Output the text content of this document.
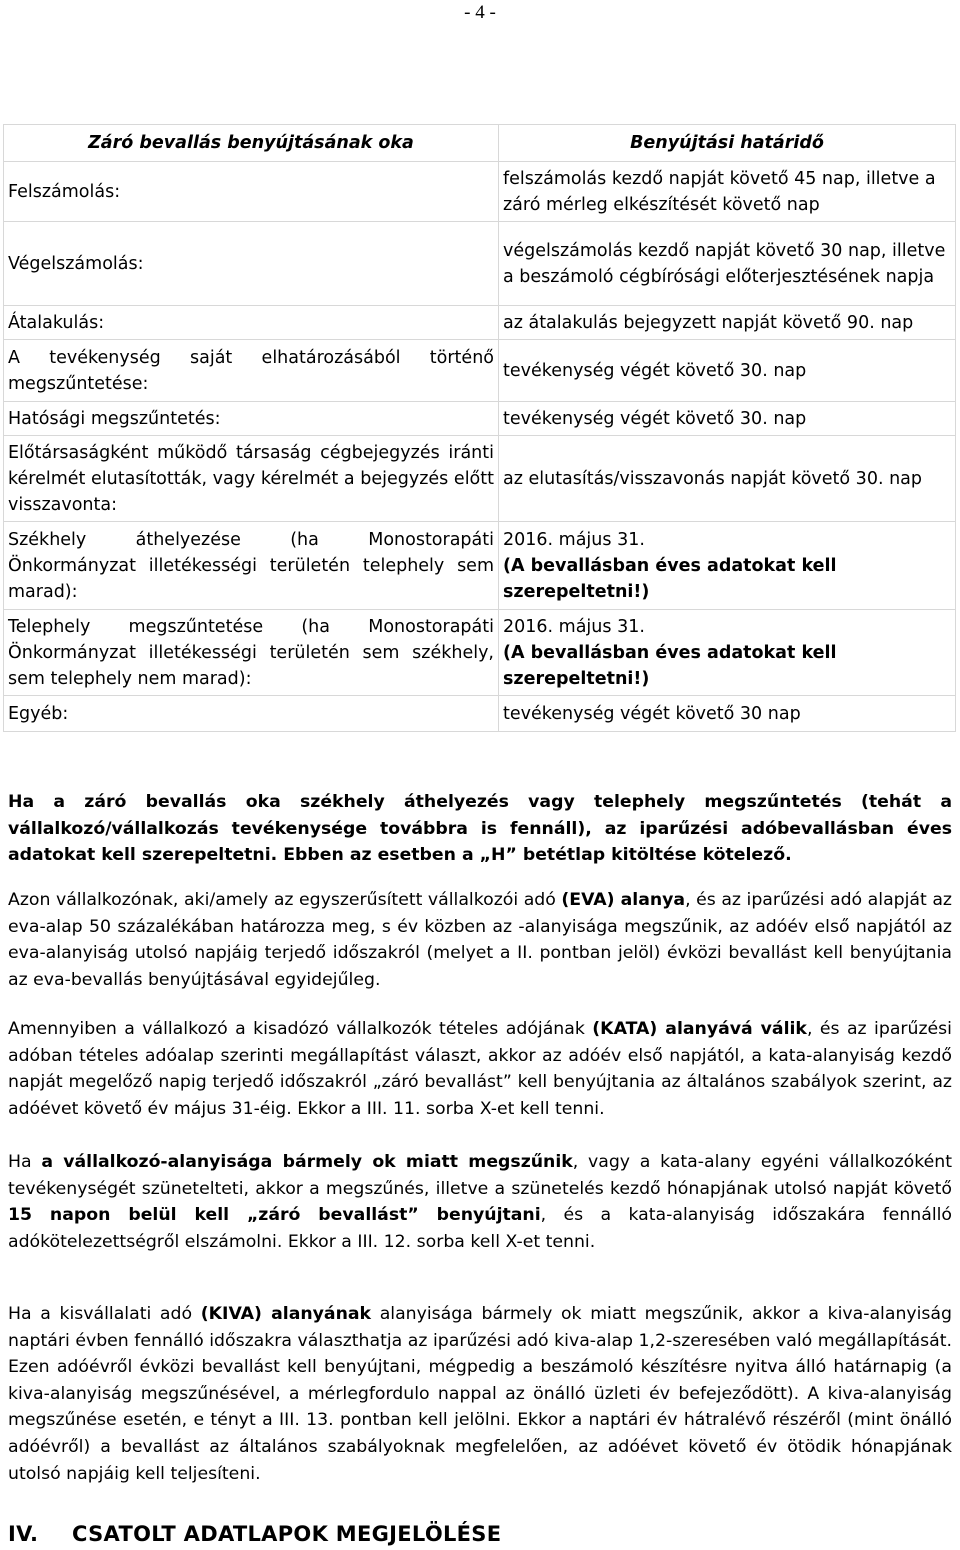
- 4 -
Záró bevallás benyújtásának oka	Benyújtási határidő
Felszámolás:	felszámolás kezdő napját követő 45 nap, illetve a záró mérleg elkészítését követő nap
Végelszámolás:	végelszámolás kezdő napját követő 30 nap, illetve a beszámoló cégbírósági előterjesztésének napja
Átalakulás:	az átalakulás bejegyzett napját követő 90. nap
A tevékenység saját elhatározásából történő megszűntetése:	tevékenység végét követő 30. nap
Hatósági megszűntetés:	tevékenység végét követő 30. nap
Előtársaságként működő társaság cégbejegyzés iránti kérelmét elutasították, vagy kérelmét a bejegyzés előtt visszavonta:	az elutasítás/visszavonás napját követő 30. nap
Székhely áthelyezése (ha Monostorapáti Önkormányzat illetékességi területén telephely sem marad):	2016. május 31.
(A bevallásban éves adatokat kell szerepeltetni!)

Telephely megszűntetése (ha Monostorapáti Önkormányzat illetékességi területén sem székhely, sem telephely nem marad):	2016. május 31.
(A bevallásban éves adatokat kell szerepeltetni!)

Egyéb:	tevékenység végét követő 30 nap

Ha a záró bevallás oka székhely áthelyezés vagy telephely megszűntetés (tehát a vállalkozó/vállalkozás tevékenysége továbbra is fennáll), az iparűzési adóbevallásban éves adatokat kell szerepeltetni. Ebben az esetben a „H” betétlap kitöltése kötelező.

Azon vállalkozónak, aki/amely az egyszerűsített vállalkozói adó (EVA) alanya, és az iparűzési adó alapját az eva-alap 50 százalékában határozza meg, s év közben az -alanyisága megszűnik, az adóév első napjától az eva-alanyiság utolsó napjáig terjedő időszakról (melyet a II. pontban jelöl) évközi bevallást kell benyújtania az eva-bevallás benyújtásával egyidejűleg.

Amennyiben a vállalkozó a kisadózó vállalkozók tételes adójának (KATA) alanyává válik, és az iparűzési adóban tételes adóalap szerinti megállapítást választ, akkor az adóév első napjától, a kata-alanyiság kezdő napját megelőző napig terjedő időszakról „záró bevallást” kell benyújtania az általános szabályok szerint, az adóévet követő év május 31-éig. Ekkor a III. 11. sorba X-et kell tenni.

Ha a vállalkozó-alanyisága bármely ok miatt megszűnik, vagy a kata-alany egyéni vállalkozóként tevékenységét szünetelteti, akkor a megszűnés, illetve a szünetelés kezdő hónapjának utolsó napját követő 15 napon belül kell „záró bevallást” benyújtani, és a kata-alanyiság időszakára fennálló adókötelezettségről elszámolni. Ekkor a III. 12. sorba kell X-et tenni.

Ha a kisvállalati adó (KIVA) alanyának alanyisága bármely ok miatt megszűnik, akkor a kiva-alanyiság naptári évben fennálló időszakra választhatja az iparűzési adó kiva-alap 1,2-szeresében való megállapítását. Ezen adóévről évközi bevallást kell benyújtani, mégpedig a beszámoló készítésre nyitva álló határnapig (a kiva-alanyiság megszűnésével, a mérlegfordulo nappal az önálló üzleti év befejeződött). A kiva-alanyiság megszűnése esetén, e tényt a III. 13. pontban kell jelölni. Ekkor a naptári év hátralévő részéről (mint önálló adóévről) a bevallást az általános szabályoknak megfelelően, az adóévet követő év ötödik hónapjának utolsó napjáig kell teljesíteni.

IV. CSATOLT ADATLAPOK MEGJELÖLÉSE
